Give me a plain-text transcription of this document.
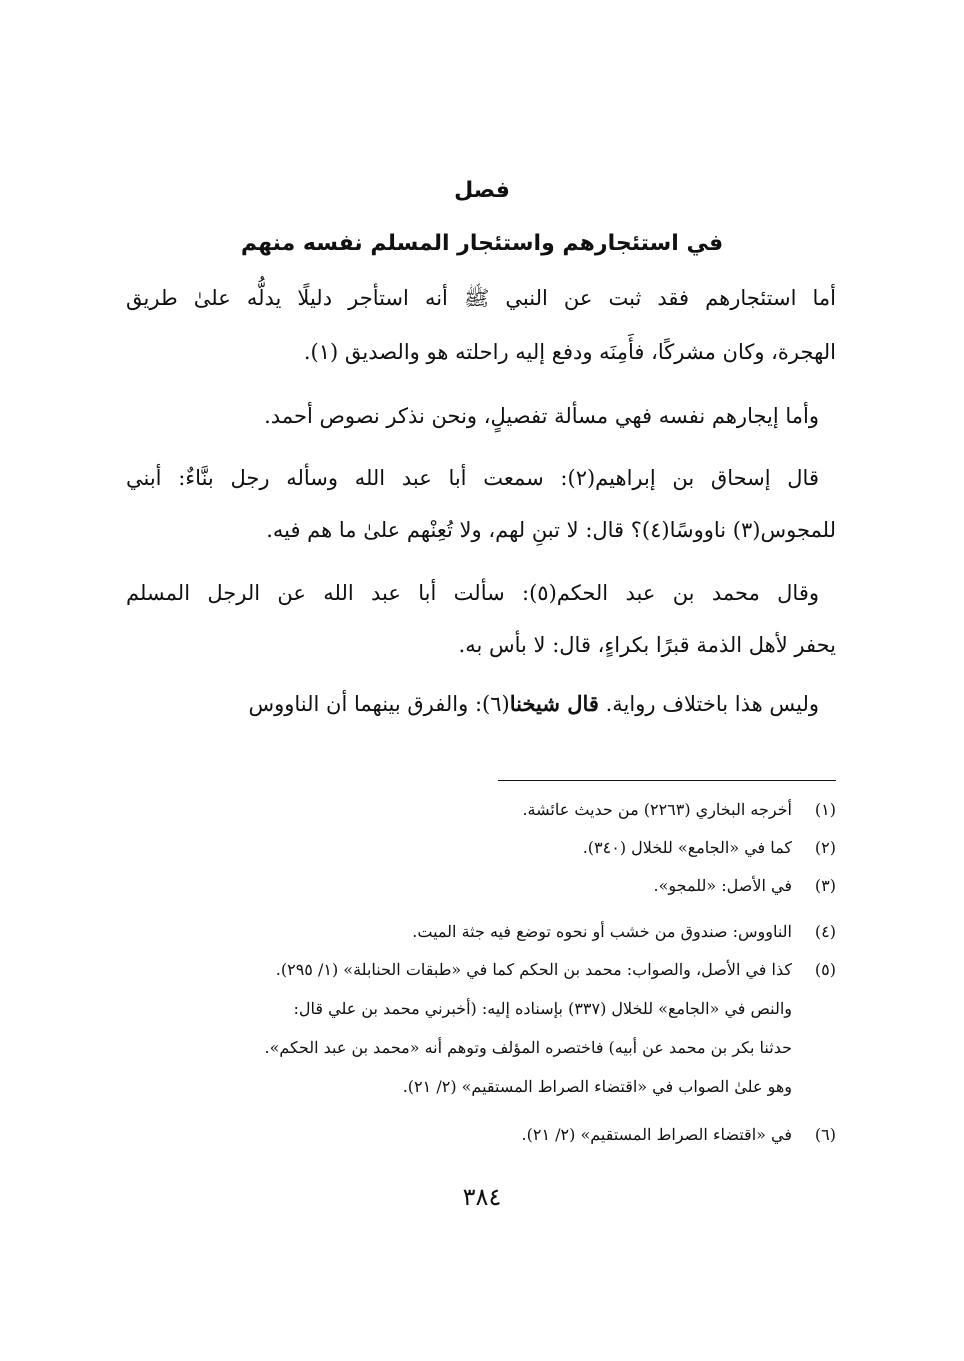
فصل
في استئجارهم واستئجار المسلم نفسه منهم
أما استئجارهم فقد ثبت عن النبي ﷺ أنه استأجر دليلًا يدلُّه علىٰ طريق
الهجرة، وكان مشركًا، فأَمِنَه ودفع إليه راحلته هو والصديق (١).
وأما إيجارهم نفسه فهي مسألة تفصيلٍ، ونحن نذكر نصوص أحمد.
قال إسحاق بن إبراهيم(٢): سمعت أبا عبد الله وسأله رجل بنَّاءٌ: أبني
للمجوس(٣) ناووسًا(٤)؟ قال: لا تبنِ لهم، ولا تُعِنْهم علىٰ ما هم فيه.
وقال محمد بن عبد الحكم(٥): سألت أبا عبد الله عن الرجل المسلم
يحفر لأهل الذمة قبرًا بكراءٍ، قال: لا بأس به.
وليس هذا باختلاف رواية. قال شيخنا(٦): والفرق بينهما أن الناووس
(١)أخرجه البخاري (٢٢٦٣) من حديث عائشة.
(٢)كما في «الجامع» للخلال (٣٤٠).
(٣)في الأصل: «للمجو».
(٤)الناووس: صندوق من خشب أو نحوه توضع فيه جثة الميت.
(٥)كذا في الأصل، والصواب: محمد بن الحكم كما في «طبقات الحنابلة» (١/ ٢٩٥).
والنص في «الجامع» للخلال (٣٣٧) بإسناده إليه: (أخبرني محمد بن علي قال:
حدثنا بكر بن محمد عن أبيه) فاختصره المؤلف وتوهم أنه «محمد بن عبد الحكم».
وهو علىٰ الصواب في «اقتضاء الصراط المستقيم» (٢/ ٢١).
(٦)في «اقتضاء الصراط المستقيم» (٢/ ٢١).
٣٨٤
